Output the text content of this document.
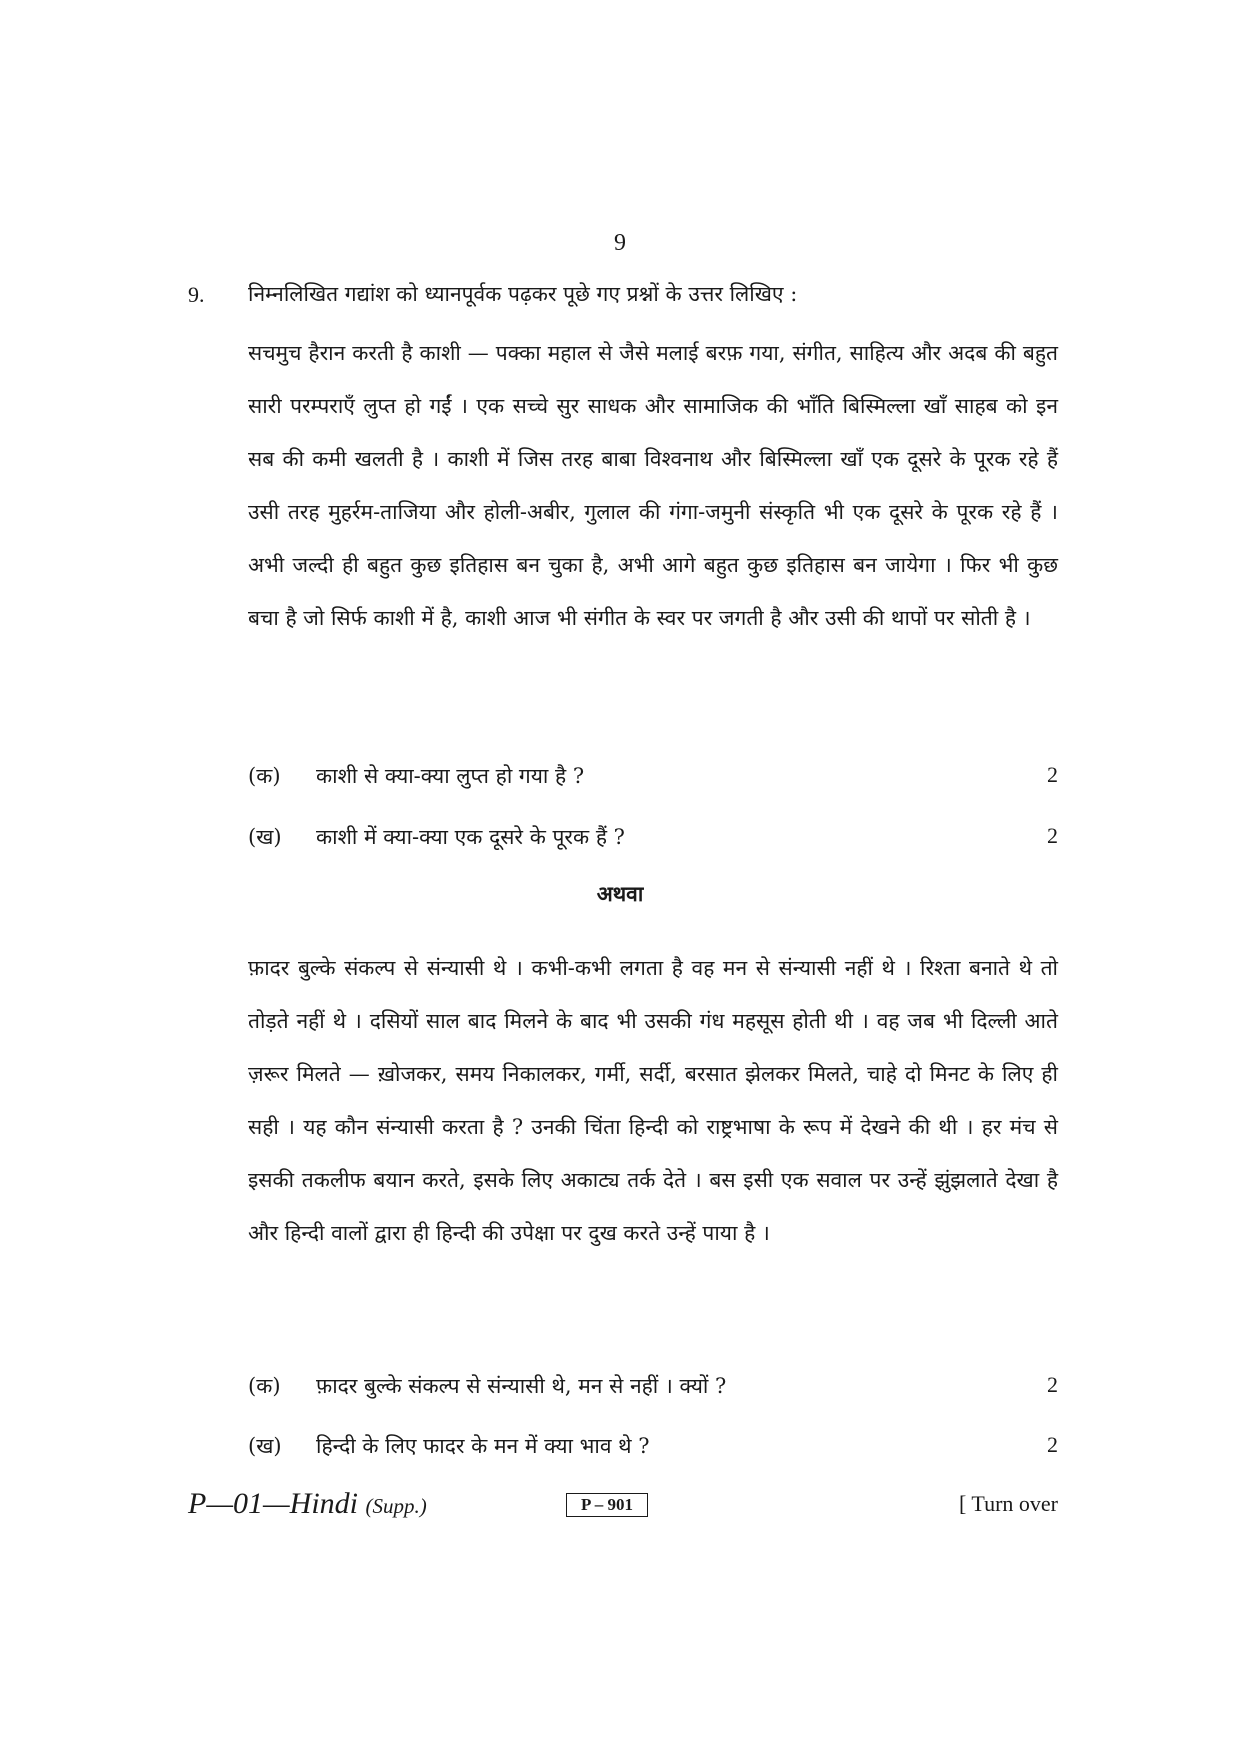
9
9. निम्नलिखित गद्यांश को ध्यानपूर्वक पढ़कर पूछे गए प्रश्नों के उत्तर लिखिए :

सचमुच हैरान करती है काशी — पक्का महाल से जैसे मलाई बरफ़ गया, संगीत, साहित्य और अदब की बहुत सारी परम्पराएँ लुप्त हो गईं । एक सच्चे सुर साधक और सामाजिक की भाँति बिस्मिल्ला खाँ साहब को इन सब की कमी खलती है । काशी में जिस तरह बाबा विश्वनाथ और बिस्मिल्ला खाँ एक दूसरे के पूरक रहे हैं उसी तरह मुहर्रम-ताजिया और होली-अबीर, गुलाल की गंगा-जमुनी संस्कृति भी एक दूसरे के पूरक रहे हैं । अभी जल्दी ही बहुत कुछ इतिहास बन चुका है, अभी आगे बहुत कुछ इतिहास बन जायेगा । फिर भी कुछ बचा है जो सिर्फ काशी में है, काशी आज भी संगीत के स्वर पर जगती है और उसी की थापों पर सोती है ।

(क) काशी से क्या-क्या लुप्त हो गया है ?	2
(ख) काशी में क्या-क्या एक दूसरे के पूरक हैं ?	2
अथवा

फ़ादर बुल्के संकल्प से संन्यासी थे । कभी-कभी लगता है वह मन से संन्यासी नहीं थे । रिश्ता बनाते थे तो तोड़ते नहीं थे । दसियों साल बाद मिलने के बाद भी उसकी गंध महसूस होती थी । वह जब भी दिल्ली आते ज़रूर मिलते — ख़ोजकर, समय निकालकर, गर्मी, सर्दी, बरसात झेलकर मिलते, चाहे दो मिनट के लिए ही सही । यह कौन संन्यासी करता है ? उनकी चिंता हिन्दी को राष्ट्रभाषा के रूप में देखने की थी । हर मंच से इसकी तकलीफ बयान करते, इसके लिए अकाट्य तर्क देते । बस इसी एक सवाल पर उन्हें झुंझलाते देखा है और हिन्दी वालों द्वारा ही हिन्दी की उपेक्षा पर दुख करते उन्हें पाया है ।

(क) फ़ादर बुल्के संकल्प से संन्यासी थे, मन से नहीं । क्यों ?	2
(ख) हिन्दी के लिए फादर के मन में क्या भाव थे ?	2
P—01—Hindi (Supp.)	P – 901	[ Turn over
